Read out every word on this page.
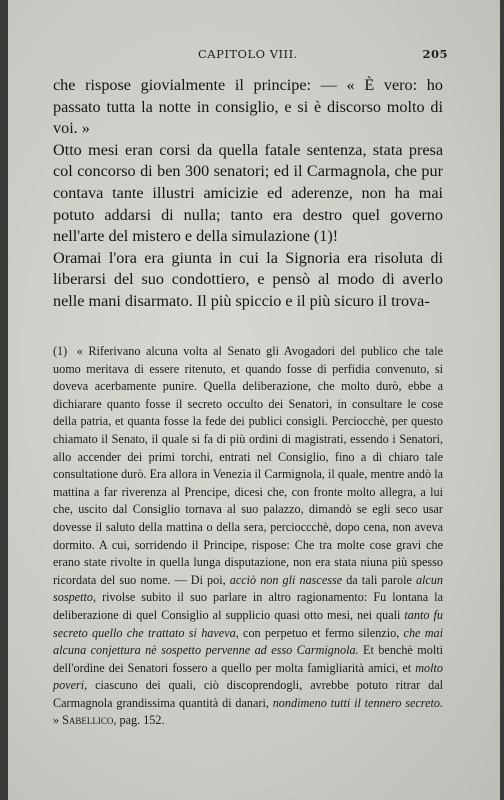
CAPITOLO VIII.	205

che rispose giovialmente il principe: — « È vero: ho passato tutta la notte in consiglio, e si è discorso molto di voi. »

Otto mesi eran corsi da quella fatale sentenza, stata presa col concorso di ben 300 senatori; ed il Carmagnola, che pur contava tante illustri amicizie ed aderenze, non ha mai potuto addarsi di nulla; tanto era destro quel governo nell'arte del mistero e della simulazione (1)!

Oramai l'ora era giunta in cui la Signoria era risoluta di liberarsi del suo condottiero, e pensò al modo di averlo nelle mani disarmato. Il più spiccio e il più sicuro il trova-

(1) « Riferivano alcuna volta al Senato gli Avogadori del publico che tale uomo meritava di essere ritenuto, et quando fosse di perfidia convenuto, si doveva acerbamente punire. Quella deliberazione, che molto durò, ebbe a dichiarare quanto fosse il secreto occulto dei Senatori, in consultare le cose della patria, et quanta fosse la fede dei publici consigli. Perciocchè, per questo chiamato il Senato, il quale si fa di più ordini di magistrati, essendo i Senatori, allo accender dei primi torchi, entrati nel Consiglio, fino a dì chiaro tale consultatione durò. Era allora in Venezia il Carmignola, il quale, mentre andò la mattina a far riverenza al Prencipe, dicesi che, con fronte molto allegra, a lui che, uscito dal Consiglio tornava al suo palazzo, dimandò se egli seco usar dovesse il saluto della mattina o della sera, percioccchè, dopo cena, non aveva dormito. A cui, sorridendo il Principe, rispose: Che tra molte cose gravi che erano state rivolte in quella lunga disputazione, non era stata niuna più spesso ricordata del suo nome. — Di poi, acciò non gli nascesse da tali parole alcun sospetto, rivolse subito il suo parlare in altro ragionamento: Fu lontana la deliberazione di quel Consiglio al supplicio quasi otto mesi, nei quali tanto fu secreto quello che trattato si haveva, con perpetuo et fermo silenzio, che mai alcuna conjettura nè sospetto pervenne ad esso Carmignola. Et benchè molti dell'ordine dei Senatori fossero a quello per molta famigliarità amici, et molto poveri, ciascuno dei quali, ciò discoprendogli, avrebbe potuto ritrar dal Carmagnola grandissima quantità di danari, nondimeno tutti il tennero secreto. » Sabellico, pag. 152.
